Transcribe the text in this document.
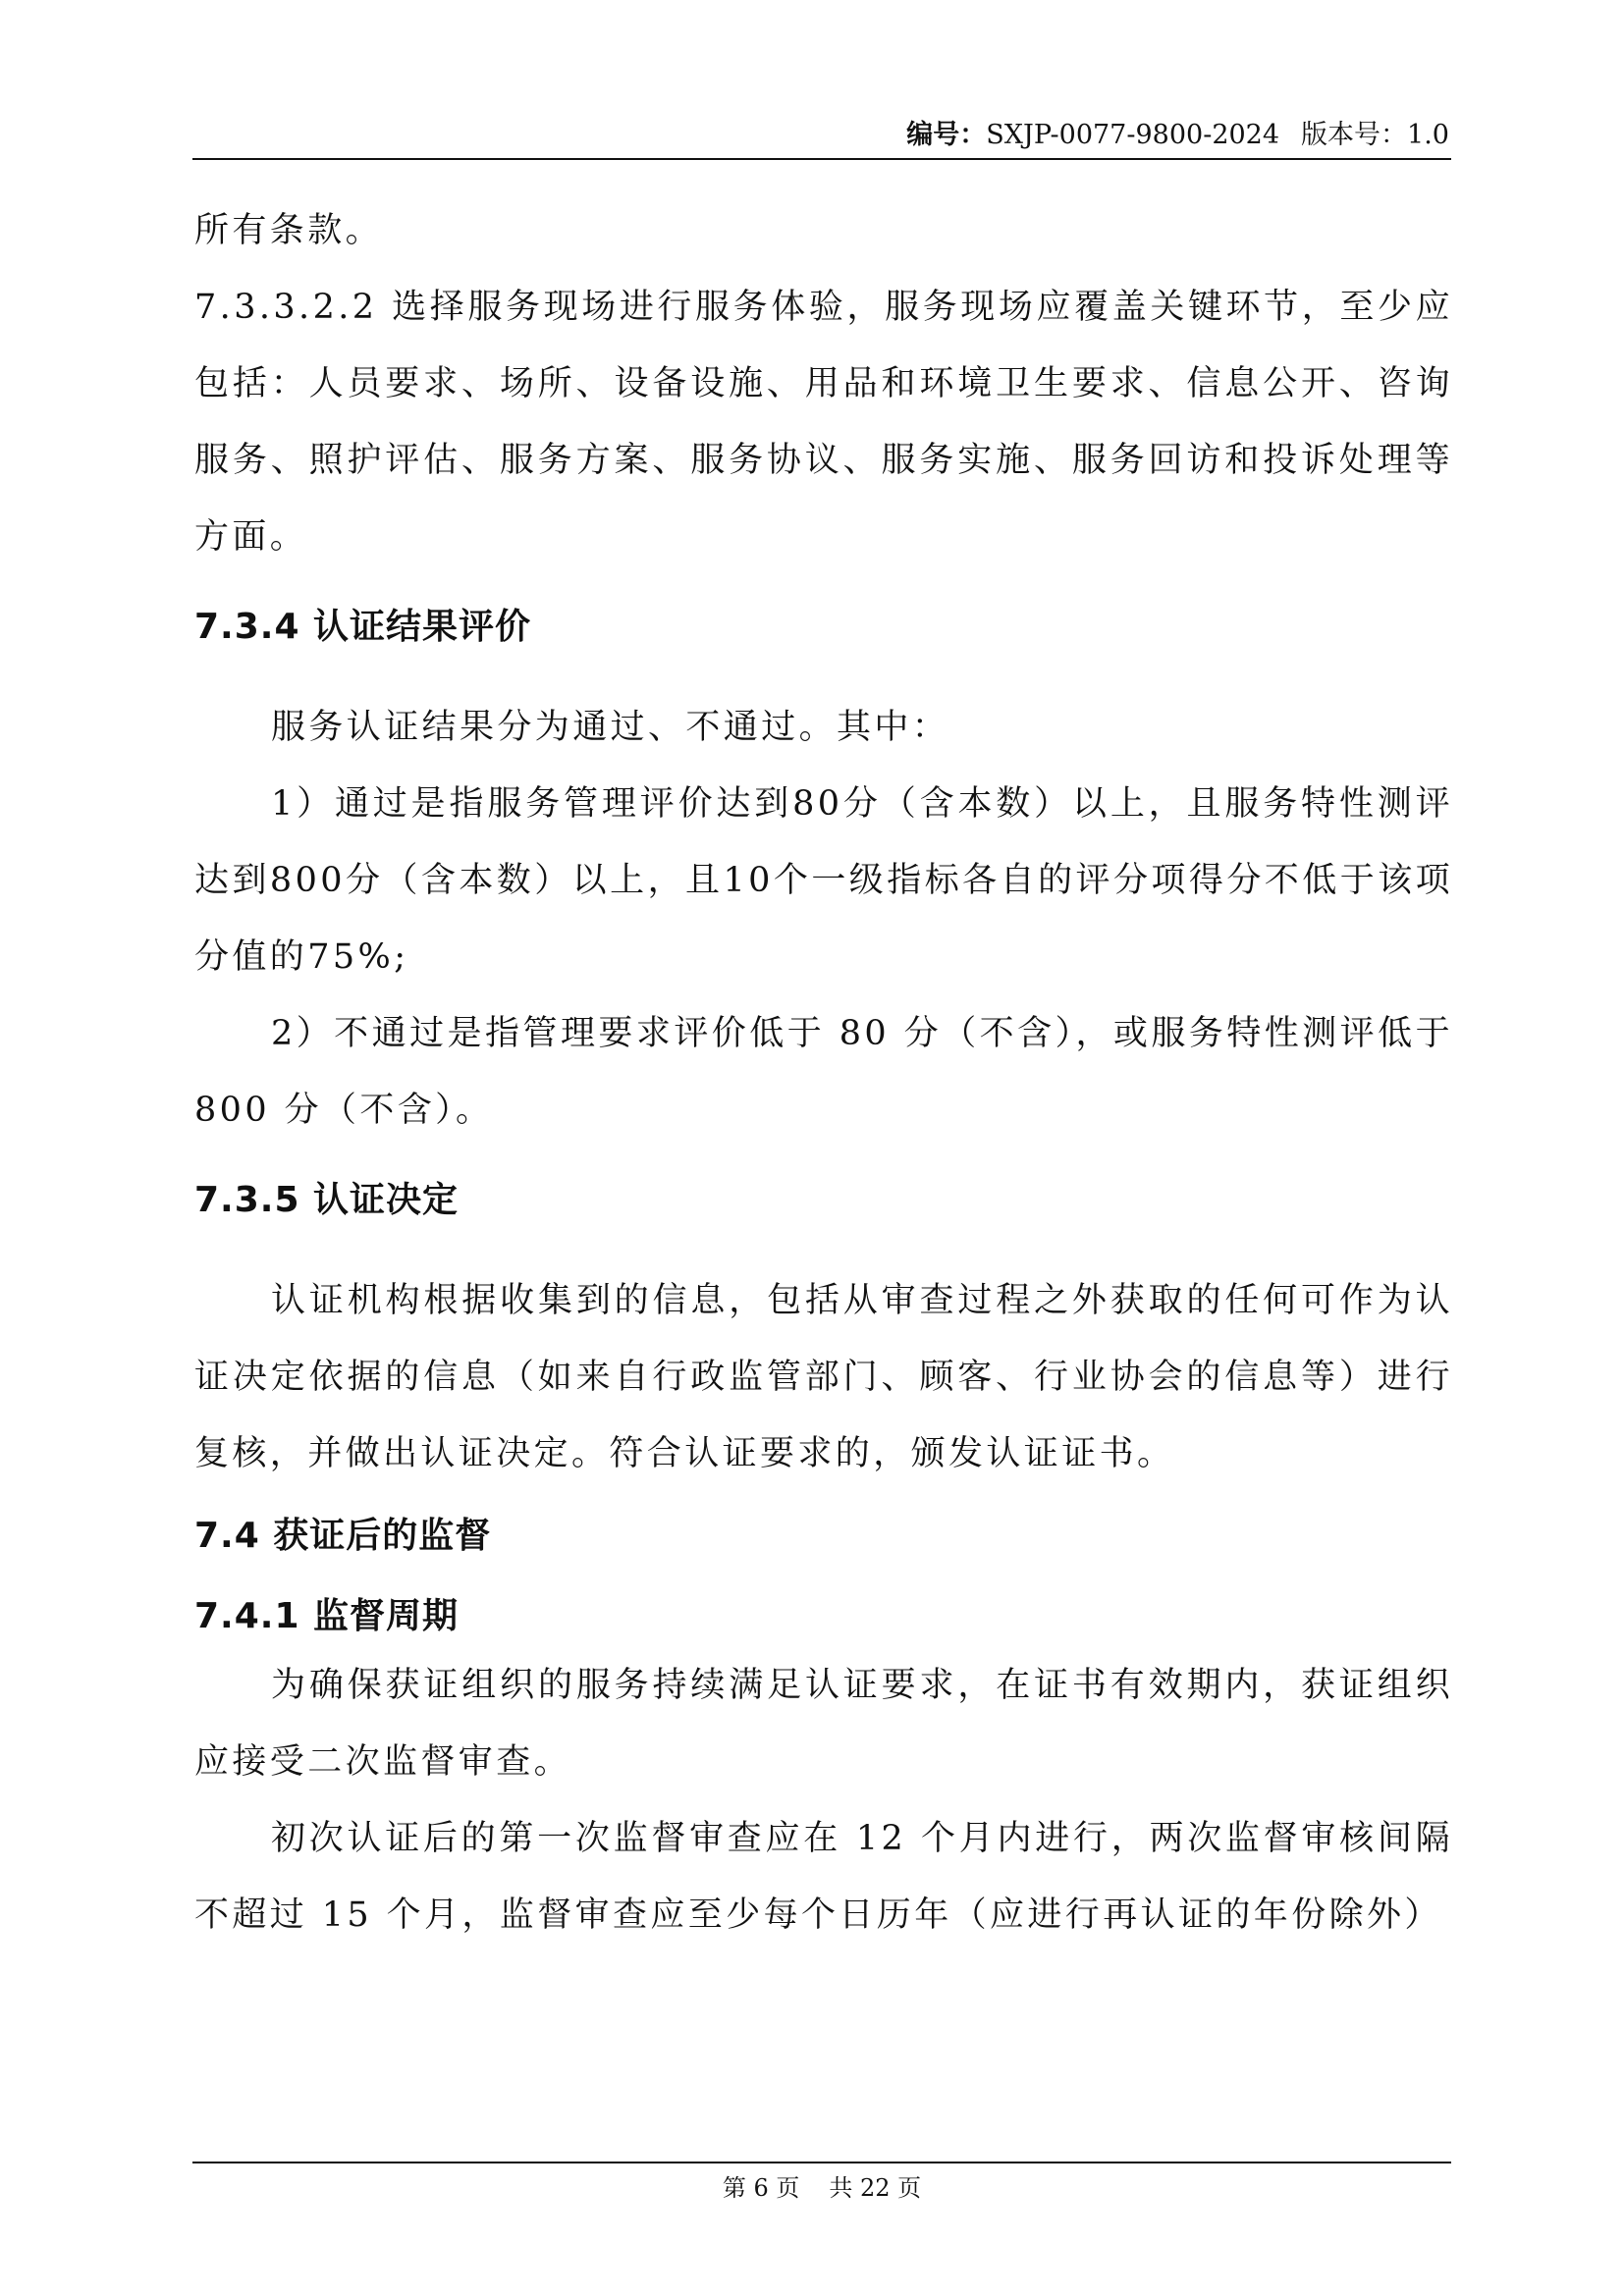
编号：SXJP-0077-9800-2024 版本号：1.0

所有条款。

7.3.3.2.2 选择服务现场进行服务体验，服务现场应覆盖关键环节，至少应包括：人员要求、场所、设备设施、用品和环境卫生要求、信息公开、咨询服务、照护评估、服务方案、服务协议、服务实施、服务回访和投诉处理等方面。

7.3.4 认证结果评价

服务认证结果分为通过、不通过。其中：

1）通过是指服务管理评价达到80分（含本数）以上，且服务特性测评达到800分（含本数）以上，且10个一级指标各自的评分项得分不低于该项分值的75%;

2）不通过是指管理要求评价低于 80 分（不含），或服务特性测评低于 800 分（不含）。

7.3.5 认证决定

认证机构根据收集到的信息，包括从审查过程之外获取的任何可作为认证决定依据的信息（如来自行政监管部门、顾客、行业协会的信息等）进行复核，并做出认证决定。符合认证要求的，颁发认证证书。

7.4 获证后的监督
7.4.1 监督周期

为确保获证组织的服务持续满足认证要求，在证书有效期内，获证组织应接受二次监督审查。

初次认证后的第一次监督审查应在 12 个月内进行，两次监督审核间隔不超过 15 个月，监督审查应至少每个日历年（应进行再认证的年份除外）

第 6 页 共 22 页
